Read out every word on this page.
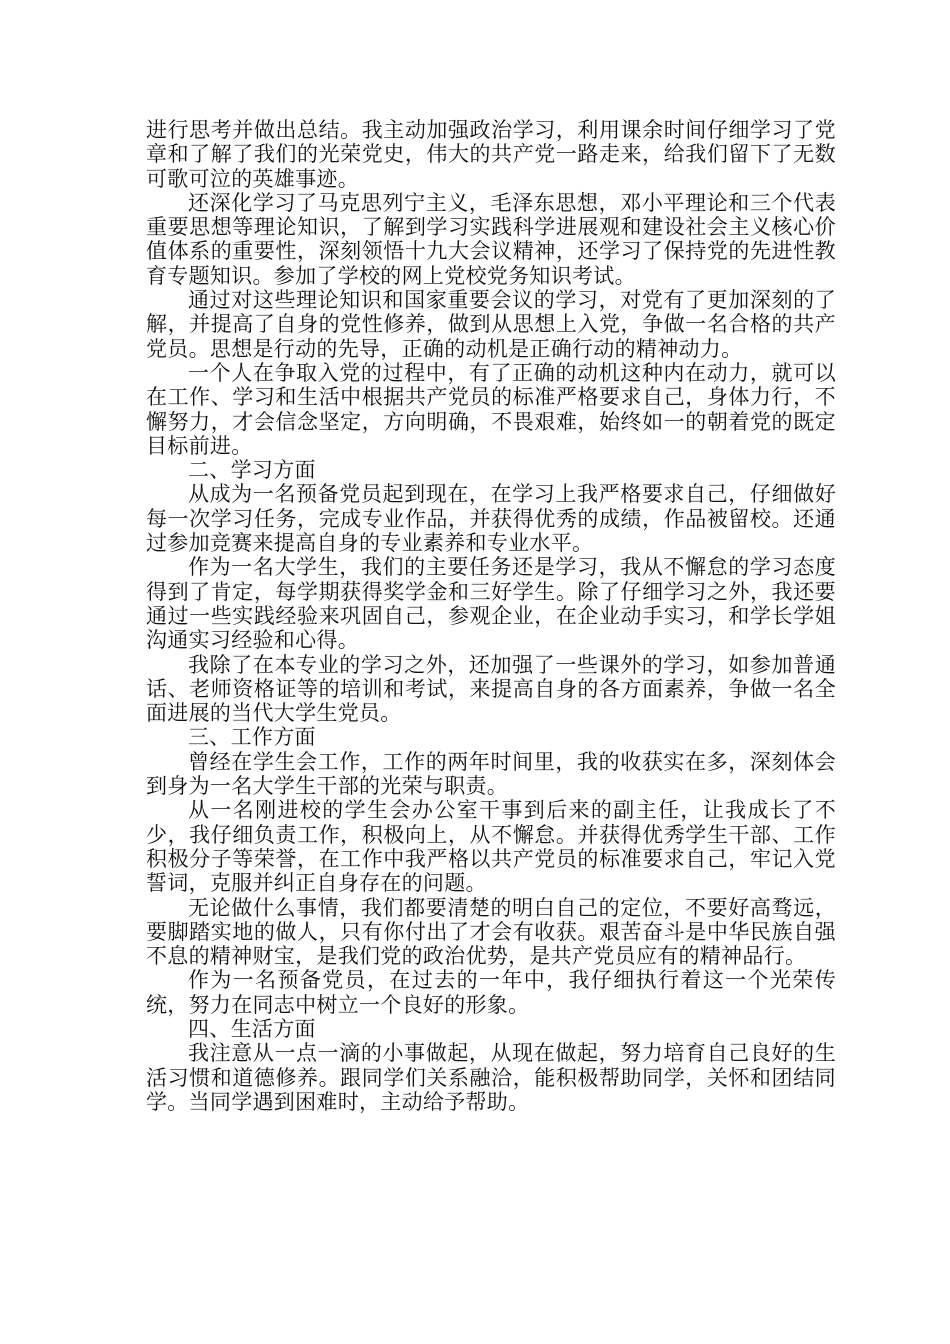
进行思考并做出总结。我主动加强政治学习，利用课余时间仔细学习了党章和了解了我们的光荣党史，伟大的共产党一路走来，给我们留下了无数可歌可泣的英雄事迹。

还深化学习了马克思列宁主义，毛泽东思想，邓小平理论和三个代表重要思想等理论知识，了解到学习实践科学进展观和建设社会主义核心价值体系的重要性，深刻领悟十九大会议精神，还学习了保持党的先进性教育专题知识。参加了学校的网上党校党务知识考试。

通过对这些理论知识和国家重要会议的学习，对党有了更加深刻的了解，并提高了自身的党性修养，做到从思想上入党，争做一名合格的共产党员。思想是行动的先导，正确的动机是正确行动的精神动力。

一个人在争取入党的过程中，有了正确的动机这种内在动力，就可以在工作、学习和生活中根据共产党员的标准严格要求自己，身体力行，不懈努力，才会信念坚定，方向明确，不畏艰难，始终如一的朝着党的既定目标前进。

二、学习方面

从成为一名预备党员起到现在，在学习上我严格要求自己，仔细做好每一次学习任务，完成专业作品，并获得优秀的成绩，作品被留校。还通过参加竞赛来提高自身的专业素养和专业水平。

作为一名大学生，我们的主要任务还是学习，我从不懈怠的学习态度得到了肯定，每学期获得奖学金和三好学生。除了仔细学习之外，我还要通过一些实践经验来巩固自己，参观企业，在企业动手实习，和学长学姐沟通实习经验和心得。

我除了在本专业的学习之外，还加强了一些课外的学习，如参加普通话、老师资格证等的培训和考试，来提高自身的各方面素养，争做一名全面进展的当代大学生党员。

三、工作方面

曾经在学生会工作，工作的两年时间里，我的收获实在多，深刻体会到身为一名大学生干部的光荣与职责。

从一名刚进校的学生会办公室干事到后来的副主任，让我成长了不少，我仔细负责工作，积极向上，从不懈怠。并获得优秀学生干部、工作积极分子等荣誉，在工作中我严格以共产党员的标准要求自己，牢记入党誓词，克服并纠正自身存在的问题。

无论做什么事情，我们都要清楚的明白自己的定位，不要好高骛远，要脚踏实地的做人，只有你付出了才会有收获。艰苦奋斗是中华民族自强不息的精神财宝，是我们党的政治优势，是共产党员应有的精神品行。

作为一名预备党员，在过去的一年中，我仔细执行着这一个光荣传统，努力在同志中树立一个良好的形象。

四、生活方面

我注意从一点一滴的小事做起，从现在做起，努力培育自己良好的生活习惯和道德修养。跟同学们关系融洽，能积极帮助同学，关怀和团结同学。当同学遇到困难时，主动给予帮助。
